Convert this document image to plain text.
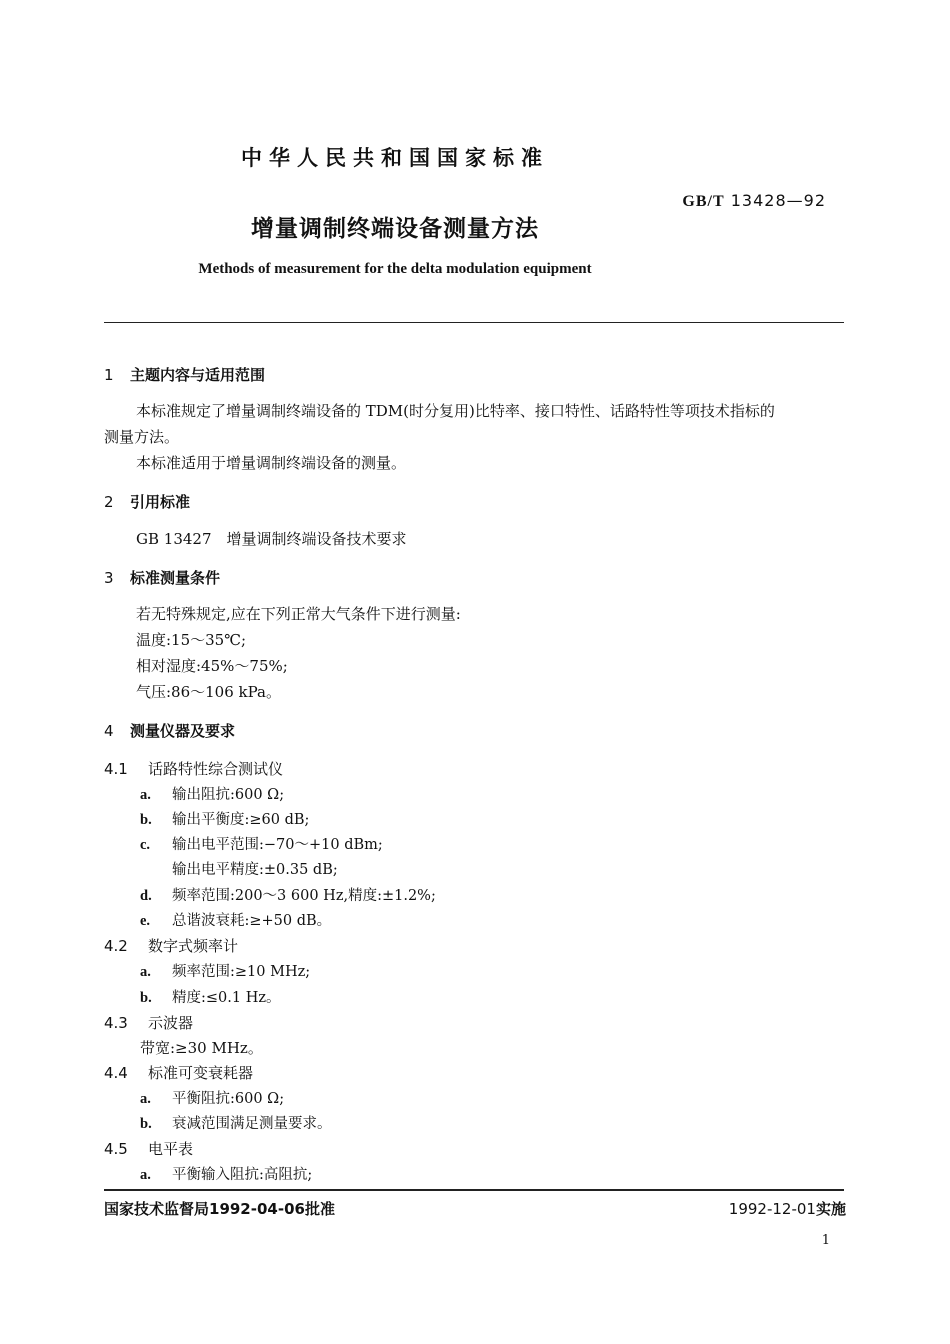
中华人民共和国国家标准
GB/T 13428—92
增量调制终端设备测量方法
Methods of measurement for the delta modulation equipment
1 主题内容与适用范围
本标准规定了增量调制终端设备的 TDM(时分复用)比特率、接口特性、话路特性等项技术指标的
测量方法。
本标准适用于增量调制终端设备的测量。
2 引用标准
GB 13427　增量调制终端设备技术要求
3 标准测量条件
若无特殊规定,应在下列正常大气条件下进行测量:
温度:15～35℃;
相对湿度:45%～75%;
气压:86～106 kPa。
4 测量仪器及要求
4.1 话路特性综合测试仪
a. 输出阻抗:600 Ω;
b. 输出平衡度:≥60 dB;
c. 输出电平范围:−70～+10 dBm;
输出电平精度:±0.35 dB;
d. 频率范围:200～3 600 Hz,精度:±1.2%;
e. 总谐波衰耗:≥+50 dB。
4.2 数字式频率计
a. 频率范围:≥10 MHz;
b. 精度:≤0.1 Hz。
4.3 示波器
带宽:≥30 MHz。
4.4 标准可变衰耗器
a. 平衡阻抗:600 Ω;
b. 衰减范围满足测量要求。
4.5 电平表
a. 平衡输入阻抗:高阻抗;
国家技术监督局1992-04-06批准	1992-12-01实施
1
